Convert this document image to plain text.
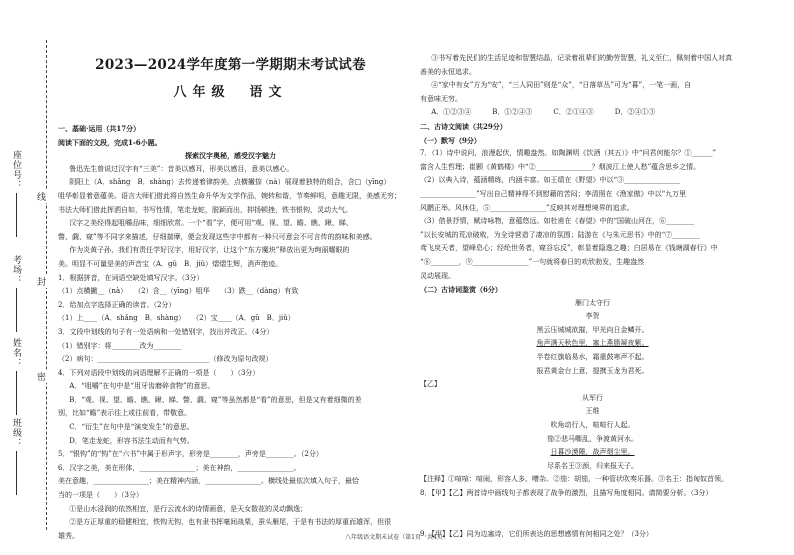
座位号：
考场：
姓名：
班级：
线
封
密
2023—2024学年度第一学期期末考试试卷
八年级　语文

一、基础·运用（共17分）

阅读下面的文段，完成1-6小题。

探索汉字奥秘，感受汉字魅力

鲁迅先生曾说过汉字有“三美”：音美以感耳，形美以感目，意美以感心。

阴阳上（A．shǎng　B．shàng）去传递着律韵美，点横撇捺（nà）展现着独特的组合，含□（yīng）

咀华彰显着意蕴美。语言大师们借此将自然生命升华为文学作品，婉转和谐，节奏鲜明，意趣无限，美感无穷；

书法大师们借此挥洒自如，书写性情，笔走龙蛇，脱颖而出，抑扬顿挫，铁书银钩，灵动大气。

汉字之美经得起咀嚼品味，细细欣赏。一个“看”字，便可用“观、视、望、瞻、瞧、瞅、睇、

瞥、觑、窥”等不同字来描述，仔细揣摩，便会发现这些字中都有一种只可意会不可言传的韵味和美感。

作为炎黄子孙，我们有责任学好汉字，用好汉字，让这个“东方魔块”释放出更为绚丽耀眼的

美。明显不可量是美的声音宝（A．gǔ　B．jiǔ）熠熠生辉，消声绝迹。

1．根据拼音，在词语空缺处填写汉字。（3分）

（1）点横撇__（nà）　　（2）含__（yīng）咀华　　（3）跌__（dàng）有致

2．给加点字选择正确的读音。（2分）

（1）上____（A．shǎng　B．shàng）　　（2）宝____（A．gǔ　B．jiǔ）

3．文段中划线的句子有一处语病和一处错别字，找出并改正。（4分）

（1）错别字：将________改为________

（2）病句：________________________________（修改为原句改规）

4．下列对语段中划线的词语理解不正确的一项是（　　）（3分）

A．“咀嚼”在句中是“用牙齿磨碎食物”的意思。

B．“观、视、望、瞻、瞧、瞅、睇、瞥、觑、窥”等虽然都是“看”的意思，但是又有着细微的差

别，比如“瞻”表示往上或往前看，带敬意。

C．“衍生”在句中是“演变发生”的意思。

D．笔走龙蛇，形容书法生动而有气势。

5．“银钩”的“钩”在“六书”中属于形声字，形旁是________，声旁是________。（2分）

6．汉字之美，美在形体，________________；美在神韵，________________。

美在意趣，________________；美在精神内涵，________________。横线处最依次填入句子，最恰

当的一项是（　　）（3分）

①是山水浸润的依然相宜，是行云流水的诗情画意，是天女散花的灵动飘逸；

②是方正厚重的稳健相宜，铁钩无钩，也有隶书挥毫间战栗，蚕头雁尾，于是有书法的厚重而雄浑，但很

雄秀。

③书写着先民们的生活足迹和智慧结晶，记录着祖辈们的勤劳智慧，礼义至仁，佩刻着中国人对真

善美的永恒追求。

④“家中有女”方为“安”，“三人同田”则是“众”，“日落草丛”可为“暮”，一笔一画，自

有意味无穷。

A．①②③④　　　B．①②④③　　　C．②①④③　　　D．②④①③

二、古诗文阅读（共29分）

（一）默写（9分）

7．（1）诗中说问，浪漫起伏，情趣盎然。如陶渊明《饮酒（其五）》中“问君何能尔？①______”

富含人生哲理；崔颢《黄鹤楼》中“②________________？烟波江上使人愁”蕴含思乡之情。

（2）以典入诗，蕴涵精练，内涵丰富。如王绩在《野望》中以“③________________

________________”写出自己精神得不到慰藉的苦闷；李清照在《渔家傲》中以“九万里

风鹏正举。风休住，⑤________________”反映其对理想境界的追求。

（3）借景抒情，赋诗咏物，意蕴悠远。如杜甫在《春望》中的“国破山河在，⑥________

”以长安城的荒凉破败，为全诗营造了凄凉的氛围；陆游在《与朱元思书》中的“⑦________

鸢飞戾天者，望峰息心；经纶世务者，窥谷忘反”，彰显着隐逸之趣；白居易在《钱塘湖春行》中

“⑧________，⑨________________”一句就将春日的欢欣勃发，生趣盎然

灵动展现。

（二）古诗词鉴赏（6分）

雁门太守行

李贺

黑云压城城欲摧，甲光向日金鳞开。

角声满天秋色里，塞上燕脂凝夜紫。

半卷红旗临易水，霜重鼓寒声不起。

报君黄金台上意，提携玉龙为君死。

【乙】

从军行

王维

吹角动行人，喧喧行人起。

笳②悲马嘶乱，争渡黄河水。

日暮沙漠陲，战声烟尘里。

尽系名王③颈，归来报天子。

【注释】①喧喧：喧闹，形容人多、嘈杂。②笳：胡笳，一种管状吹奏乐器。③名王：指匈奴首领。

8．【甲】【乙】两首诗中画线句子都表现了战争的激烈，且描写角度相同。请简要分析。（3分）

9．【甲】【乙】同为边塞诗，它们所表达的思想感情有何相同之处？（3分）

八年级语文期末试卷（第1页　共4页）
